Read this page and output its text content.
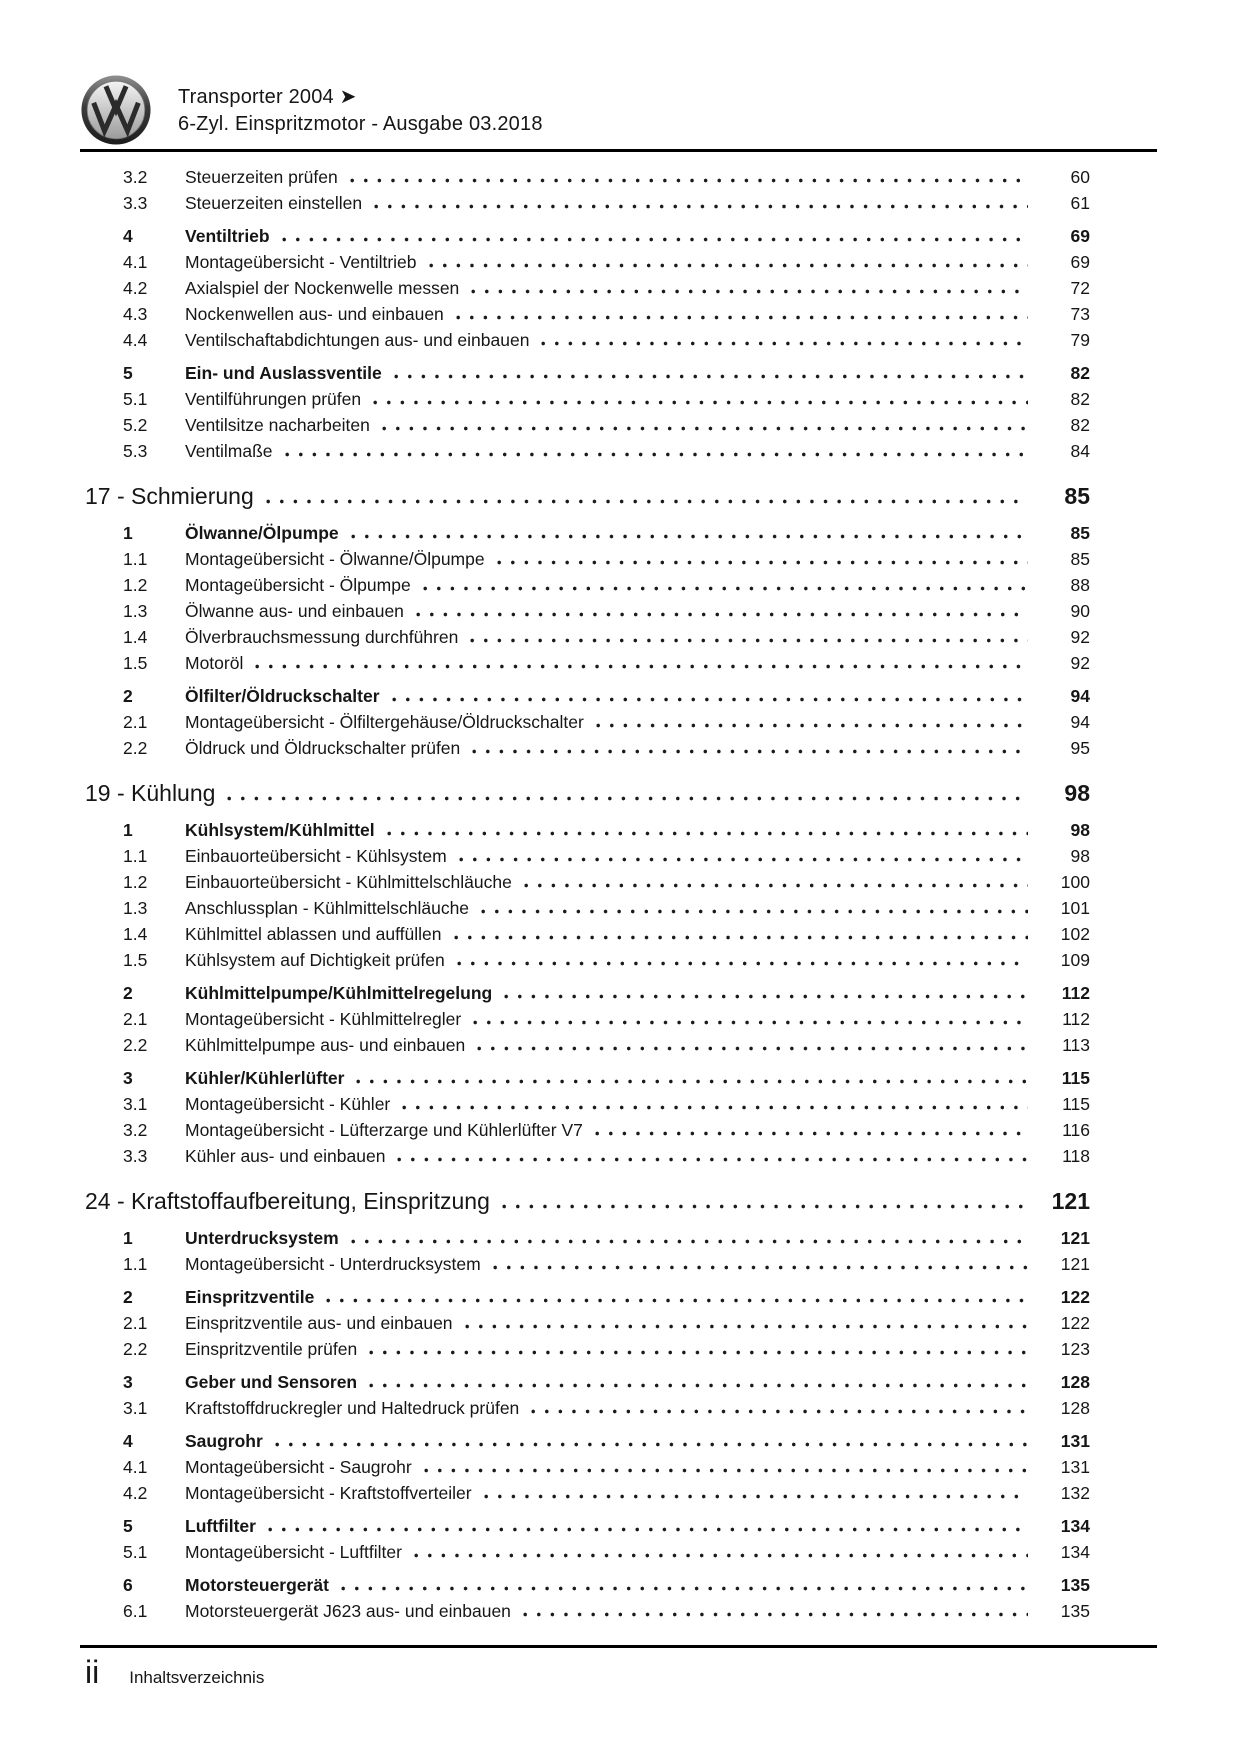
Transporter 2004 ➤
6-Zyl. Einspritzmotor - Ausgabe 03.2018
3.2	Steuerzeiten prüfen	60
3.3	Steuerzeiten einstellen	61
4	Ventiltrieb	69
4.1	Montageübersicht - Ventiltrieb	69
4.2	Axialspiel der Nockenwelle messen	72
4.3	Nockenwellen aus- und einbauen	73
4.4	Ventilschaftabdichtungen aus- und einbauen	79
5	Ein- und Auslassventile	82
5.1	Ventilführungen prüfen	82
5.2	Ventilsitze nacharbeiten	82
5.3	Ventilmaße	84
17 - Schmierung	85
1	Ölwanne/Ölpumpe	85
1.1	Montageübersicht - Ölwanne/Ölpumpe	85
1.2	Montageübersicht - Ölpumpe	88
1.3	Ölwanne aus- und einbauen	90
1.4	Ölverbrauchsmessung durchführen	92
1.5	Motoröl	92
2	Ölfilter/Öldruckschalter	94
2.1	Montageübersicht - Ölfiltergehäuse/Öldruckschalter	94
2.2	Öldruck und Öldruckschalter prüfen	95
19 - Kühlung	98
1	Kühlsystem/Kühlmittel	98
1.1	Einbauorteübersicht - Kühlsystem	98
1.2	Einbauorteübersicht - Kühlmittelschläuche	100
1.3	Anschlussplan - Kühlmittelschläuche	101
1.4	Kühlmittel ablassen und auffüllen	102
1.5	Kühlsystem auf Dichtigkeit prüfen	109
2	Kühlmittelpumpe/Kühlmittelregelung	112
2.1	Montageübersicht - Kühlmittelregler	112
2.2	Kühlmittelpumpe aus- und einbauen	113
3	Kühler/Kühlerlüfter	115
3.1	Montageübersicht - Kühler	115
3.2	Montageübersicht - Lüfterzarge und Kühlerlüfter V7	116
3.3	Kühler aus- und einbauen	118
24 - Kraftstoffaufbereitung, Einspritzung	121
1	Unterdrucksystem	121
1.1	Montageübersicht - Unterdrucksystem	121
2	Einspritzventile	122
2.1	Einspritzventile aus- und einbauen	122
2.2	Einspritzventile prüfen	123
3	Geber und Sensoren	128
3.1	Kraftstoffdruckregler und Haltedruck prüfen	128
4	Saugrohr	131
4.1	Montageübersicht - Saugrohr	131
4.2	Montageübersicht - Kraftstoffverteiler	132
5	Luftfilter	134
5.1	Montageübersicht - Luftfilter	134
6	Motorsteuergerät	135
6.1	Motorsteuergerät J623 aus- und einbauen	135
ii Inhaltsverzeichnis
